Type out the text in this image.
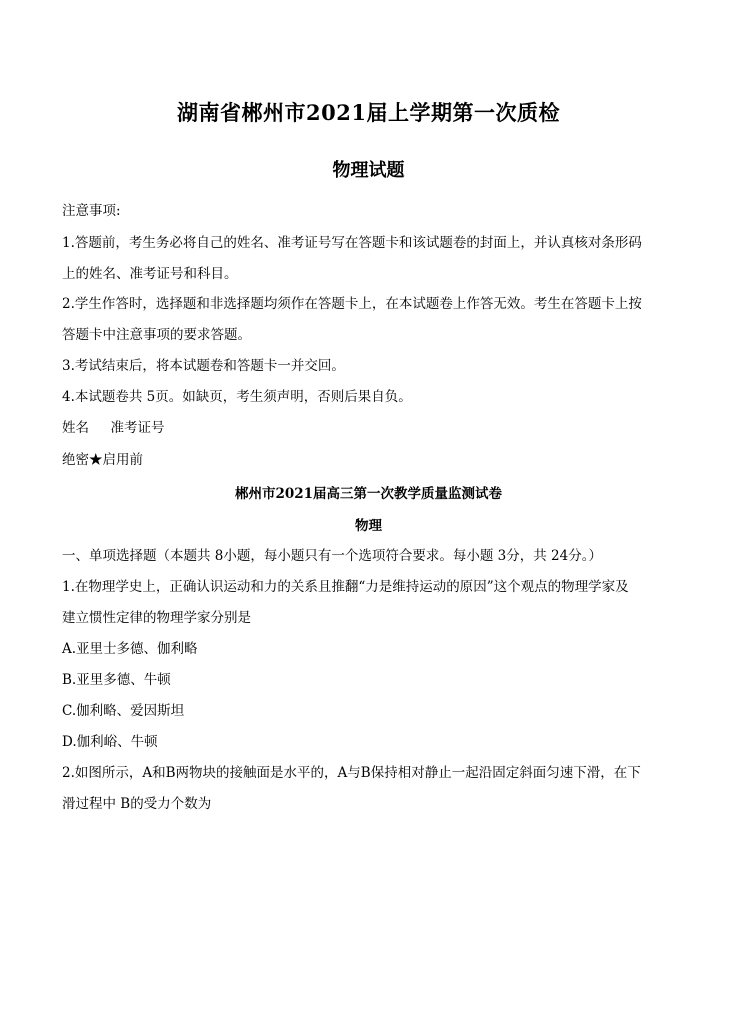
湖南省郴州市2021届上学期第一次质检
物理试题
注意事项:
1.答题前，考生务必将自己的姓名、准考证号写在答题卡和该试题卷的封面上，并认真核对条形码
上的姓名、准考证号和科目。
2.学生作答时，选择题和非选择题均须作在答题卡上，在本试题卷上作答无效。考生在答题卡上按
答题卡中注意事项的要求答题。
3.考试结束后，将本试题卷和答题卡一并交回。
4.本试题卷共 5页。如缺页，考生须声明，否则后果自负。
姓名     准考证号
绝密★启用前
郴州市2021届高三第一次教学质量监测试卷
物理
一、单项选择题（本题共 8小题，每小题只有一个选项符合要求。每小题 3分，共 24分。）
1.在物理学史上，正确认识运动和力的关系且推翻“力是维持运动的原因”这个观点的物理学家及
建立惯性定律的物理学家分别是
A.亚里士多德、伽利略
B.亚里多德、牛顿
C.伽利略、爱因斯坦
D.伽利峪、牛顿
2.如图所示，A和B两物块的接触面是水平的，A与B保持相对静止一起沿固定斜面匀速下滑，在下
滑过程中 B的受力个数为
